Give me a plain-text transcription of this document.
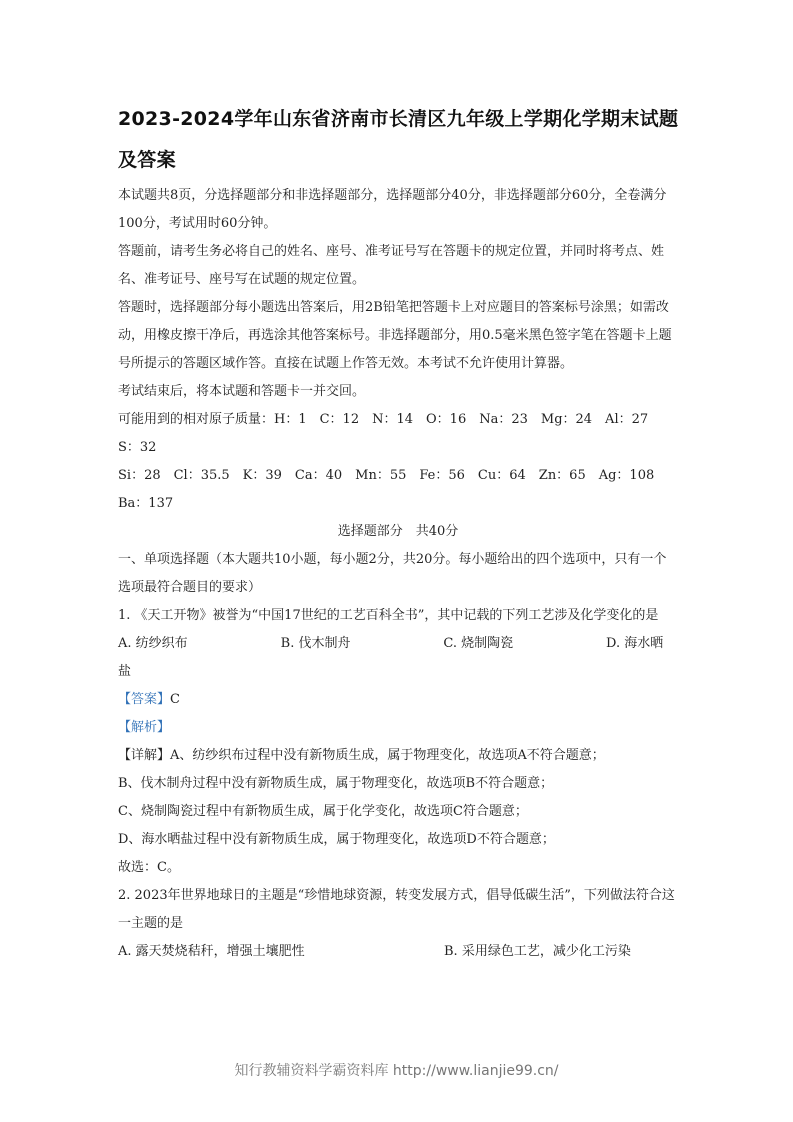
2023-2024学年山东省济南市长清区九年级上学期化学期末试题及答案

本试题共8页，分选择题部分和非选择题部分，选择题部分40分，非选择题部分60分，全卷满分100分，考试用时60分钟。

答题前，请考生务必将自己的姓名、座号、准考证号写在答题卡的规定位置，并同时将考点、姓名、准考证号、座号写在试题的规定位置。

答题时，选择题部分每小题选出答案后，用2B铅笔把答题卡上对应题目的答案标号涂黑；如需改动，用橡皮擦干净后，再选涂其他答案标号。非选择题部分，用0.5毫米黑色签字笔在答题卡上题号所提示的答题区域作答。直接在试题上作答无效。本考试不允许使用计算器。

考试结束后，将本试题和答题卡一并交回。

可能用到的相对原子质量：H：1　C：12　N：14　O：16　Na：23　Mg：24　Al：27　S：32

Si：28　Cl：35.5　K：39　Ca：40　Mn：55　Fe：56　Cu：64　Zn：65　Ag：108　Ba：137

选择题部分　共40分

一、单项选择题（本大题共10小题，每小题2分，共20分。每小题给出的四个选项中，只有一个选项最符合题目的要求）

1. 《天工开物》被誉为“中国17世纪的工艺百科全书”，其中记载的下列工艺涉及化学变化的是

A. 纺纱织布	B. 伐木制舟	C. 烧制陶瓷	D. 海水晒

盐

【答案】C

【解析】

【详解】A、纺纱织布过程中没有新物质生成，属于物理变化，故选项A不符合题意；

B、伐木制舟过程中没有新物质生成，属于物理变化，故选项B不符合题意；

C、烧制陶瓷过程中有新物质生成，属于化学变化，故选项C符合题意；

D、海水晒盐过程中没有新物质生成，属于物理变化，故选项D不符合题意；

故选：C。

2. 2023年世界地球日的主题是“珍惜地球资源，转变发展方式，倡导低碳生活”，下列做法符合这一主题的是

A. 露天焚烧秸秆，增强土壤肥性	B. 采用绿色工艺，减少化工污染
知行教辅资料学霸资料库 http://www.lianjie99.cn/
